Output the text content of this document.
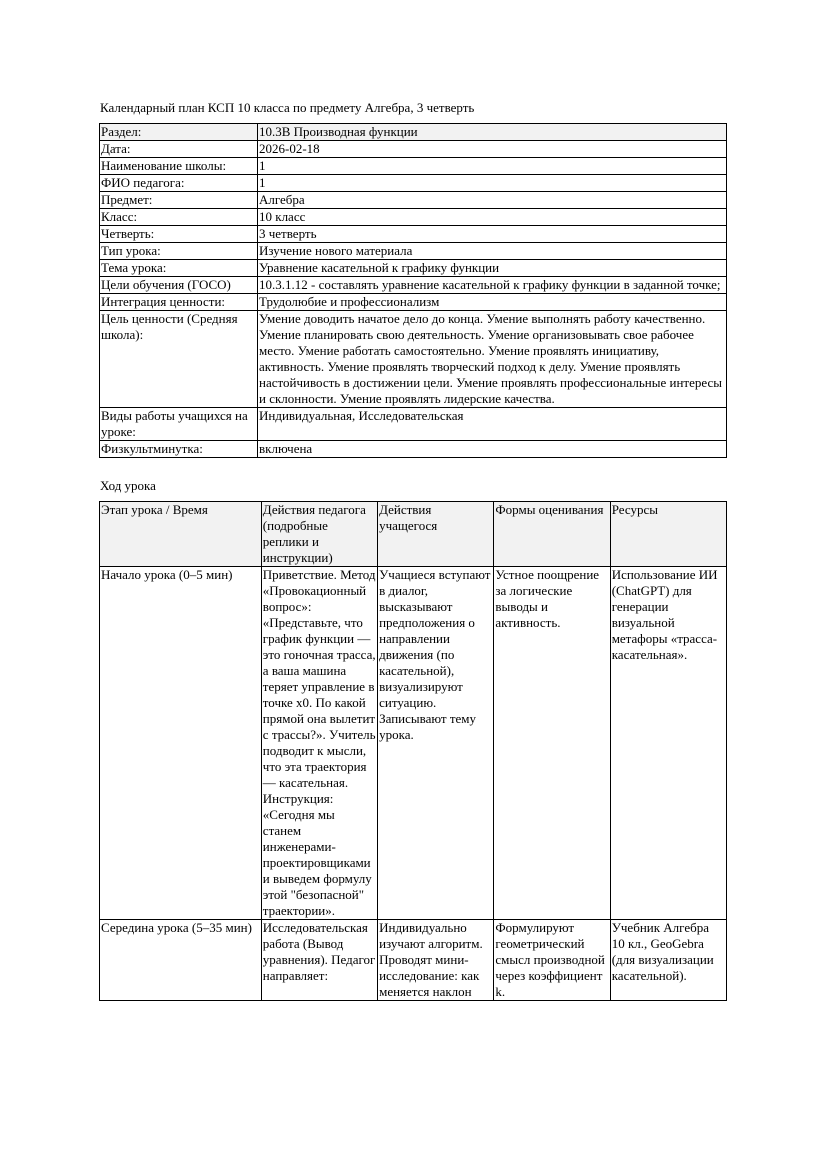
Календарный план КСП 10 класса по предмету Алгебра, 3 четверть
Раздел:	10.3В Производная функции
Дата:	2026-02-18
Наименование школы:	1
ФИО педагога:	1
Предмет:	Алгебра
Класс:	10 класс
Четверть:	3 четверть
Тип урока:	Изучение нового материала
Тема урока:	Уравнение касательной к графику функции
Цели обучения (ГОСО)	10.3.1.12 - составлять уравнение касательной к графику функции в заданной точке;
Интеграция ценности:	Трудолюбие и профессионализм
Цель ценности (Средняя школа):	Умение доводить начатое дело до конца. Умение выполнять работу качественно. Умение планировать свою деятельность. Умение организовывать свое рабочее место. Умение работать самостоятельно. Умение проявлять инициативу, активность. Умение проявлять творческий подход к делу. Умение проявлять настойчивость в достижении цели. Умение проявлять профессиональные интересы и склонности. Умение проявлять лидерские качества.
Виды работы учащихся на уроке:	Индивидуальная, Исследовательская
Физкультминутка:	включена
Ход урока
Этап урока / Время	Действия педагога (подробные реплики и инструкции)	Действия учащегося	Формы оценивания	Ресурсы
Начало урока (0–5 мин)	Приветствие. Метод «Провокационный вопрос»: «Представьте, что график функции — это гоночная трасса, а ваша машина теряет управление в точке x0. По какой прямой она вылетит с трассы?». Учитель подводит к мысли, что эта траектория — касательная. Инструкция: «Сегодня мы станем инженерами-проектировщиками и выведем формулу этой "безопасной" траектории».	Учащиеся вступают в диалог, высказывают предположения о направлении движения (по касательной), визуализируют ситуацию. Записывают тему урока.	Устное поощрение за логические выводы и активность.	Использование ИИ (ChatGPT) для генерации визуальной метафоры «трасса-касательная».
Середина урока (5–35 мин)	Исследовательская работа (Вывод уравнения). Педагог направляет:	Индивидуально изучают алгоритм. Проводят мини-исследование: как меняется наклон	Формулируют геометрический смысл производной через коэффициент k.	Учебник Алгебра 10 кл., GeoGebra (для визуализации касательной).
